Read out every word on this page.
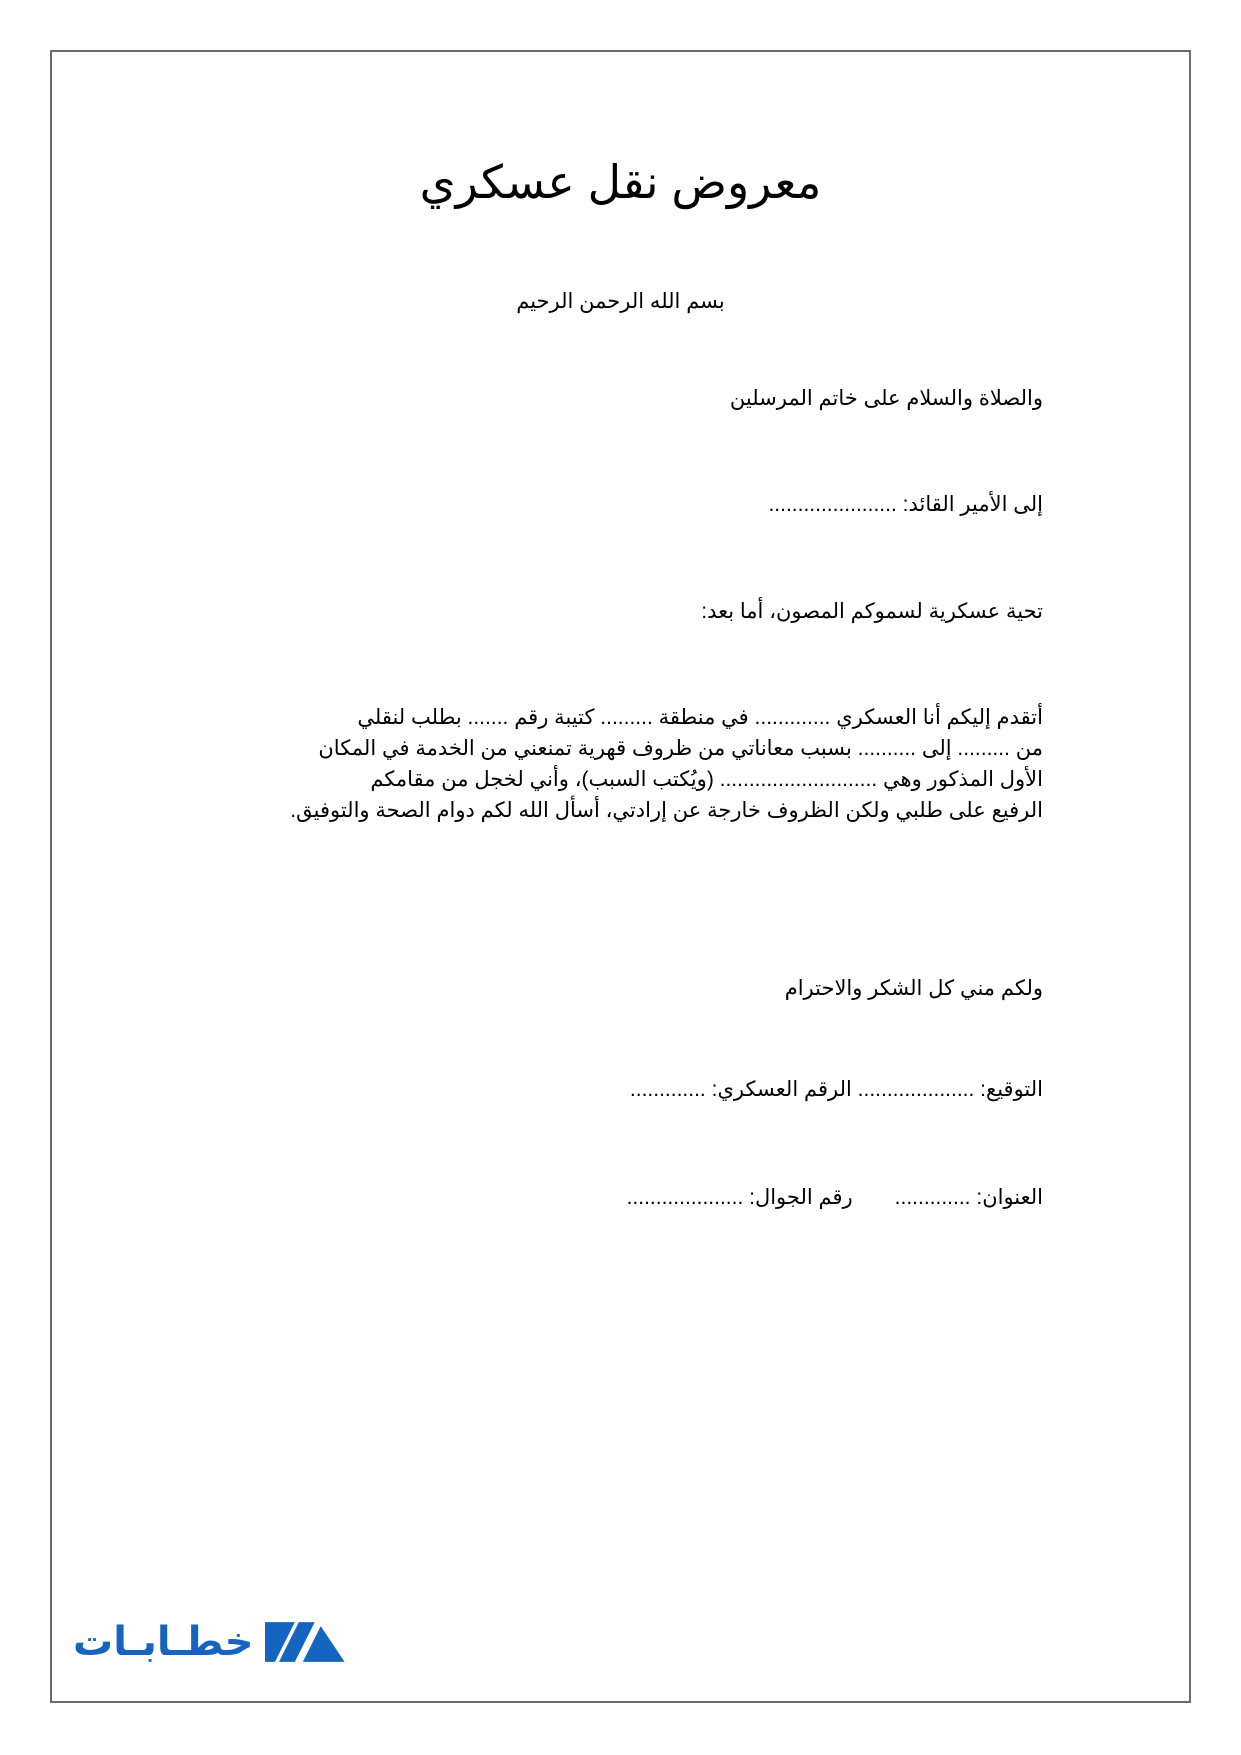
معروض نقل عسكري
بسم الله الرحمن الرحيم
والصلاة والسلام على خاتم المرسلين
إلى الأمير القائد: ......................
تحية عسكرية لسموكم المصون، أما بعد:
أتقدم إليكم أنا العسكري ............. في منطقة ......... كتيبة رقم ....... بطلب لنقلي
من ......... إلى .......... بسبب معاناتي من ظروف قهرية تمنعني من الخدمة في المكان
الأول المذكور وهي ........................... (ويُكتب السبب)، وأني لخجل من مقامكم
الرفيع على طلبي ولكن الظروف خارجة عن إرادتي، أسأل الله لكم دوام الصحة والتوفيق.
ولكم مني كل الشكر والاحترام
التوقيع: .................... الرقم العسكري: .............
العنوان: .............رقم الجوال: ....................
خطـابـات
